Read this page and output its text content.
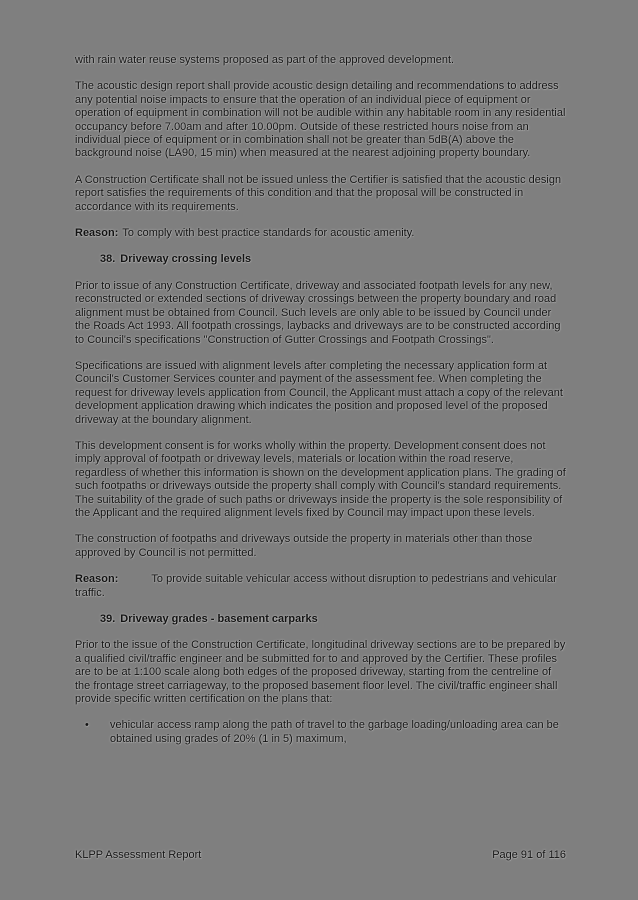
with rain water reuse systems proposed as part of the approved development.

The acoustic design report shall provide acoustic design detailing and recommendations to address any potential noise impacts to ensure that the operation of an individual piece of equipment or operation of equipment in combination will not be audible within any habitable room in any residential occupancy before 7.00am and after 10.00pm. Outside of these restricted hours noise from an individual piece of equipment or in combination shall not be greater than 5dB(A) above the background noise (LA90, 15 min) when measured at the nearest adjoining property boundary.

A Construction Certificate shall not be issued unless the Certifier is satisfied that the acoustic design report satisfies the requirements of this condition and that the proposal will be constructed in accordance with its requirements.

Reason: To comply with best practice standards for acoustic amenity.

38. Driveway crossing levels

Prior to issue of any Construction Certificate, driveway and associated footpath levels for any new, reconstructed or extended sections of driveway crossings between the property boundary and road alignment must be obtained from Council. Such levels are only able to be issued by Council under the Roads Act 1993. All footpath crossings, laybacks and driveways are to be constructed according to Council's specifications "Construction of Gutter Crossings and Footpath Crossings".

Specifications are issued with alignment levels after completing the necessary application form at Council's Customer Services counter and payment of the assessment fee. When completing the request for driveway levels application from Council, the Applicant must attach a copy of the relevant development application drawing which indicates the position and proposed level of the proposed driveway at the boundary alignment.

This development consent is for works wholly within the property. Development consent does not imply approval of footpath or driveway levels, materials or location within the road reserve, regardless of whether this information is shown on the development application plans. The grading of such footpaths or driveways outside the property shall comply with Council's standard requirements. The suitability of the grade of such paths or driveways inside the property is the sole responsibility of the Applicant and the required alignment levels fixed by Council may impact upon these levels.

The construction of footpaths and driveways outside the property in materials other than those approved by Council is not permitted.

Reason:	To provide suitable vehicular access without disruption to pedestrians and vehicular traffic.

39. Driveway grades - basement carparks

Prior to the issue of the Construction Certificate, longitudinal driveway sections are to be prepared by a qualified civil/traffic engineer and be submitted for to and approved by the Certifier. These profiles are to be at 1:100 scale along both edges of the proposed driveway, starting from the centreline of the frontage street carriageway, to the proposed basement floor level. The civil/traffic engineer shall provide specific written certification on the plans that:

•	vehicular access ramp along the path of travel to the garbage loading/unloading area can be obtained using grades of 20% (1 in 5) maximum,
KLPP Assessment Report	Page 91 of 116
